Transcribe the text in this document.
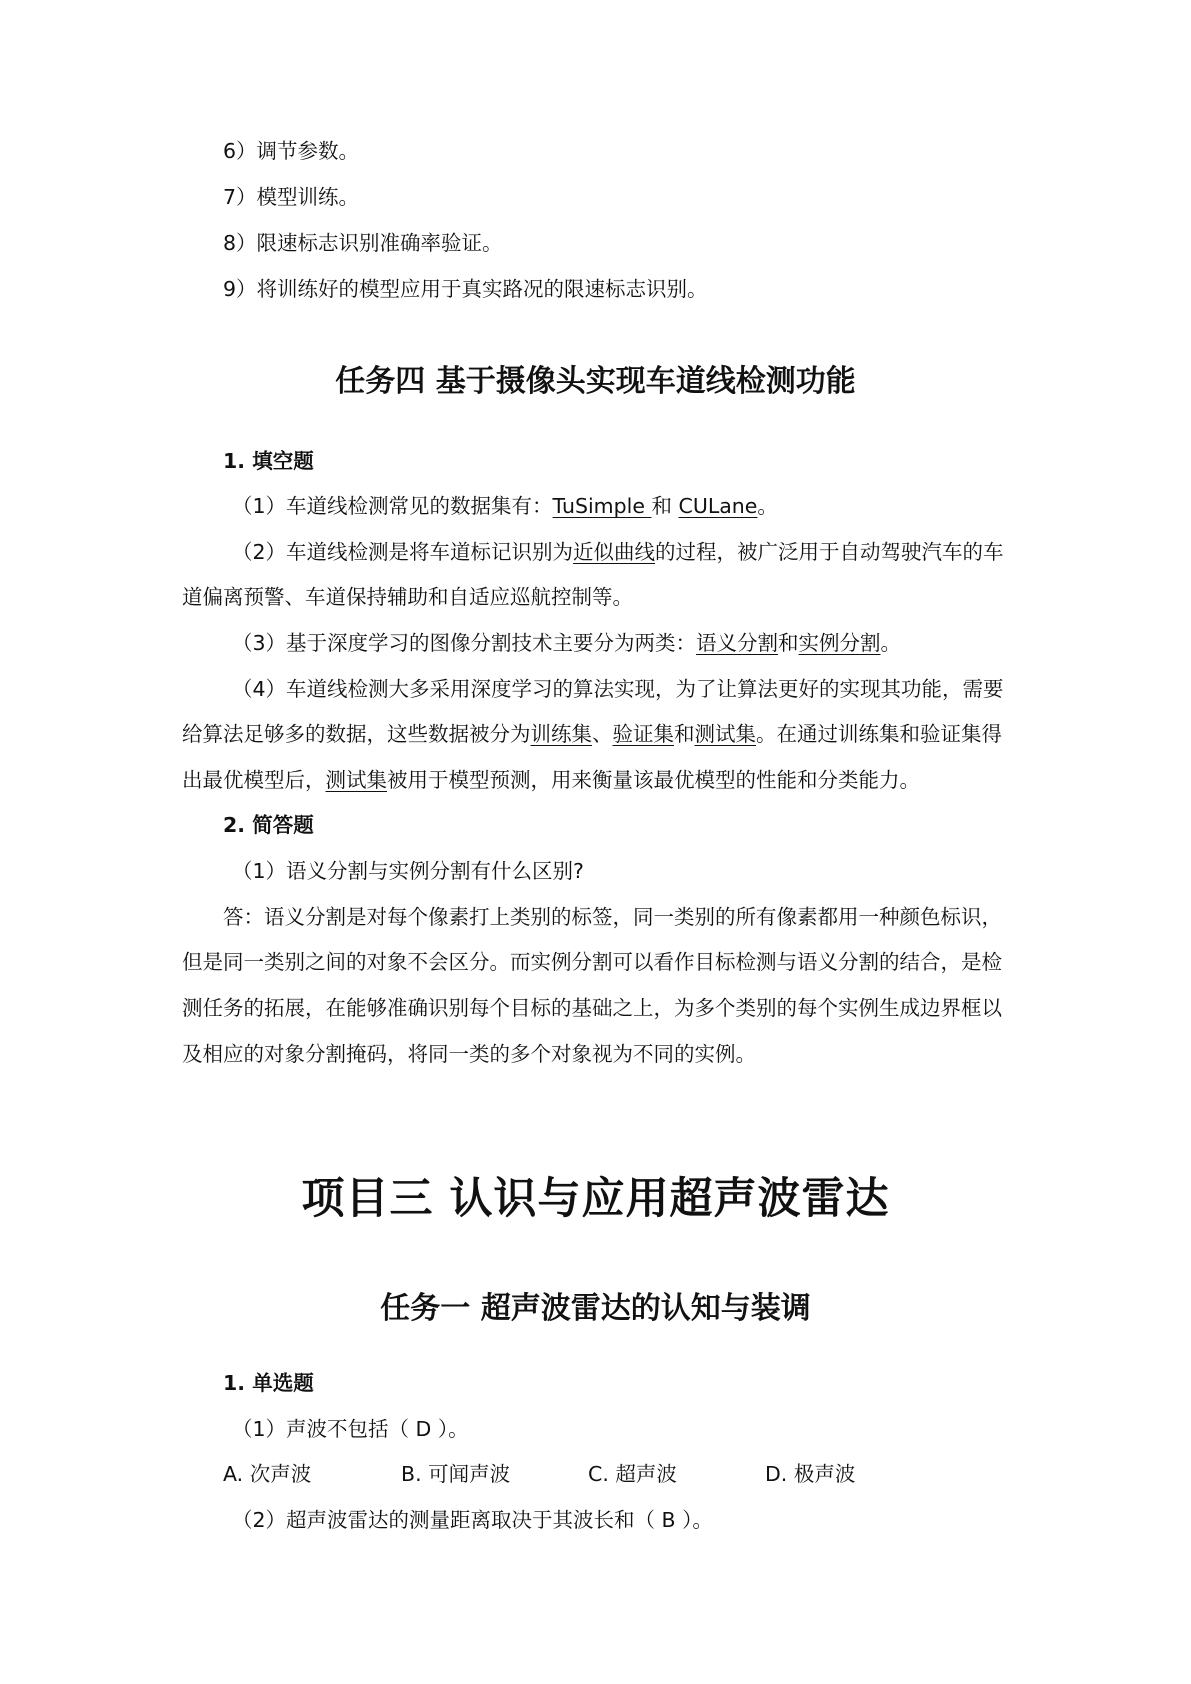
6）调节参数。
7）模型训练。
8）限速标志识别准确率验证。
9）将训练好的模型应用于真实路况的限速标志识别。
任务四 基于摄像头实现车道线检测功能
1. 填空题
（1）车道线检测常见的数据集有：TuSimple 和 CULane。
（2）车道线检测是将车道标记识别为近似曲线的过程，被广泛用于自动驾驶汽车的车
道偏离预警、车道保持辅助和自适应巡航控制等。
（3）基于深度学习的图像分割技术主要分为两类：语义分割和实例分割。
（4）车道线检测大多采用深度学习的算法实现，为了让算法更好的实现其功能，需要
给算法足够多的数据，这些数据被分为训练集、验证集和测试集。在通过训练集和验证集得
出最优模型后，测试集被用于模型预测，用来衡量该最优模型的性能和分类能力。
2. 简答题
（1）语义分割与实例分割有什么区别?
答：语义分割是对每个像素打上类别的标签，同一类别的所有像素都用一种颜色标识，
但是同一类别之间的对象不会区分。而实例分割可以看作目标检测与语义分割的结合，是检
测任务的拓展，在能够准确识别每个目标的基础之上，为多个类别的每个实例生成边界框以
及相应的对象分割掩码，将同一类的多个对象视为不同的实例。
项目三 认识与应用超声波雷达
任务一 超声波雷达的认知与装调
1. 单选题
（1）声波不包括（ D ）。
A. 次声波	B. 可闻声波	C. 超声波	D. 极声波
（2）超声波雷达的测量距离取决于其波长和（ B ）。
